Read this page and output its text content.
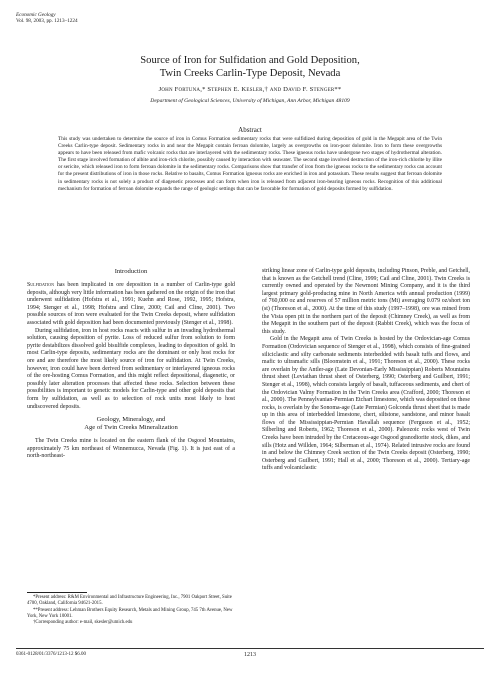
Economic Geology
Vol. 98, 2003, pp. 1213–1224
Source of Iron for Sulfidation and Gold Deposition,
Twin Creeks Carlin-Type Deposit, Nevada
John Fortuna,* Stephen E. Kesler,† and David F. Stenger**
Department of Geological Sciences, University of Michigan, Ann Arbor, Michigan 48109
Abstract
This study was undertaken to determine the source of iron in Comus Formation sedimentary rocks that were sulfidized during deposition of gold in the Megapit area of the Twin Creeks Carlin-type deposit. Sedimentary rocks in and near the Megapit contain ferroan dolomite, largely as overgrowths on iron-poor dolomite. Iron to form these overgrowths appears to have been released from mafic volcanic rocks that are interlayered with the sedimentary rocks. These igneous rocks have undergone two stages of hydrothermal alteration. The first stage involved formation of albite and iron-rich chlorite, possibly caused by interaction with seawater. The second stage involved destruction of the iron-rich chlorite by illite or sericite, which released iron to form ferroan dolomite in the sedimentary rocks. Comparisons show that transfer of iron from the igneous rocks to the sedimentary rocks can account for the present distributions of iron in those rocks. Relative to basalts, Comus Formation igneous rocks are enriched in iron and potassium. These results suggest that ferroan dolomite in sedimentary rocks is not solely a product of diagenetic processes and can form when iron is released from adjacent iron-bearing igneous rocks. Recognition of this additional mechanism for formation of ferroan dolomite expands the range of geologic settings that can be favorable for formation of gold deposits formed by sulfidation.
Introduction

Sulfidation has been implicated in ore deposition in a number of Carlin-type gold deposits, although very little information has been gathered on the origin of the iron that underwent sulfidation (Hofstra et al., 1991; Kuehn and Rose, 1992, 1995; Hofstra, 1994; Stenger et al., 1998; Hofstra and Cline, 2000; Cail and Cline, 2001). Two possible sources of iron were evaluated for the Twin Creeks deposit, where sulfidation associated with gold deposition had been documented previously (Stenger et al., 1998).

During sulfidation, iron in host rocks reacts with sulfur in an invading hydrothermal solution, causing deposition of pyrite. Loss of reduced sulfur from solution to form pyrite destabilizes dissolved gold bisulfide complexes, leading to deposition of gold. In most Carlin-type deposits, sedimentary rocks are the dominant or only host rocks for ore and are therefore the most likely source of iron for sulfidation. At Twin Creeks, however, iron could have been derived from sedimentary or interlayered igneous rocks of the ore-hosting Comus Formation, and this might reflect depositional, diagenetic, or possibly later alteration processes that affected these rocks. Selection between these possibilities is important to genetic models for Carlin-type and other gold deposits that form by sulfidation, as well as to selection of rock units most likely to host undiscovered deposits.

Geology, Mineralogy, and
Age of Twin Creeks Mineralization

The Twin Creeks mine is located on the eastern flank of the Osgood Mountains, approximately 75 km northeast of Winnemucca, Nevada (Fig. 1). It is just east of a north-northeast-

striking linear zone of Carlin-type gold deposits, including Pinson, Preble, and Getchell, that is known as the Getchell trend (Cline, 1999; Cail and Cline, 2001). Twin Creeks is currently owned and operated by the Newmont Mining Company, and it is the third largest primary gold-producing mine in North America with annual production (1999) of 760,000 oz and reserves of 57 million metric tons (Mt) averaging 0.079 oz/short ton (st) (Thoreson et al., 2000). At the time of this study (1997–1998), ore was mined from the Vista open pit in the northern part of the deposit (Chimney Creek), as well as from the Megapit in the southern part of the deposit (Rabbit Creek), which was the focus of this study.

Gold in the Megapit area of Twin Creeks is hosted by the Ordovician-age Comus Formation (Ordovician sequence of Stenger et al., 1998), which consists of fine-grained siliciclastic and silty carbonate sediments interbedded with basalt tuffs and flows, and mafic to ultramafic sills (Bloomstein et al., 1991; Thoreson et al., 2000). These rocks are overlain by the Antler-age (Late Devonian-Early Mississippian) Roberts Mountains thrust sheet (Leviathan thrust sheet of Osterberg, 1990; Osterberg and Guilbert, 1991; Stenger et al., 1998), which consists largely of basalt, tuffaceous sediments, and chert of the Ordovician Valmy Formation in the Twin Creeks area (Crafford, 2000; Thoreson et al., 2000). The Pennsylvanian-Permian Etchart limestone, which was deposited on these rocks, is overlain by the Sonoma-age (Late Permian) Golconda thrust sheet that is made up in this area of interbedded limestone, chert, siltstone, sandstone, and minor basalt flows of the Mississippian-Permian Havallah sequence (Ferguson et al., 1952; Silberling and Roberts, 1962; Thoreson et al., 2000). Paleozoic rocks west of Twin Creeks have been intruded by the Cretaceous-age Osgood granodiorite stock, dikes, and sills (Hotz and Willden, 1964; Silberman et al., 1974). Related intrusive rocks are found in and below the Chimney Creek section of the Twin Creeks deposit (Osterberg, 1990; Osterberg and Guilbert, 1991; Hall et al., 2000; Thoreson et al., 2000). Tertiary-age tuffs and volcaniclastic

*Present address: R&M Environmental and Infrastructure Engineering, Inc., 7901 Oakport Street, Suite 4700, Oakland, California 94621-2015.

**Present address: Lehman Brothers Equity Research, Metals and Mining Group, 745 7th Avenue, New York, New York 10001.

†Corresponding author: e-mail, skesler@umich.edu

0361-0128/01/3376/1213-12 $6.00	1213
